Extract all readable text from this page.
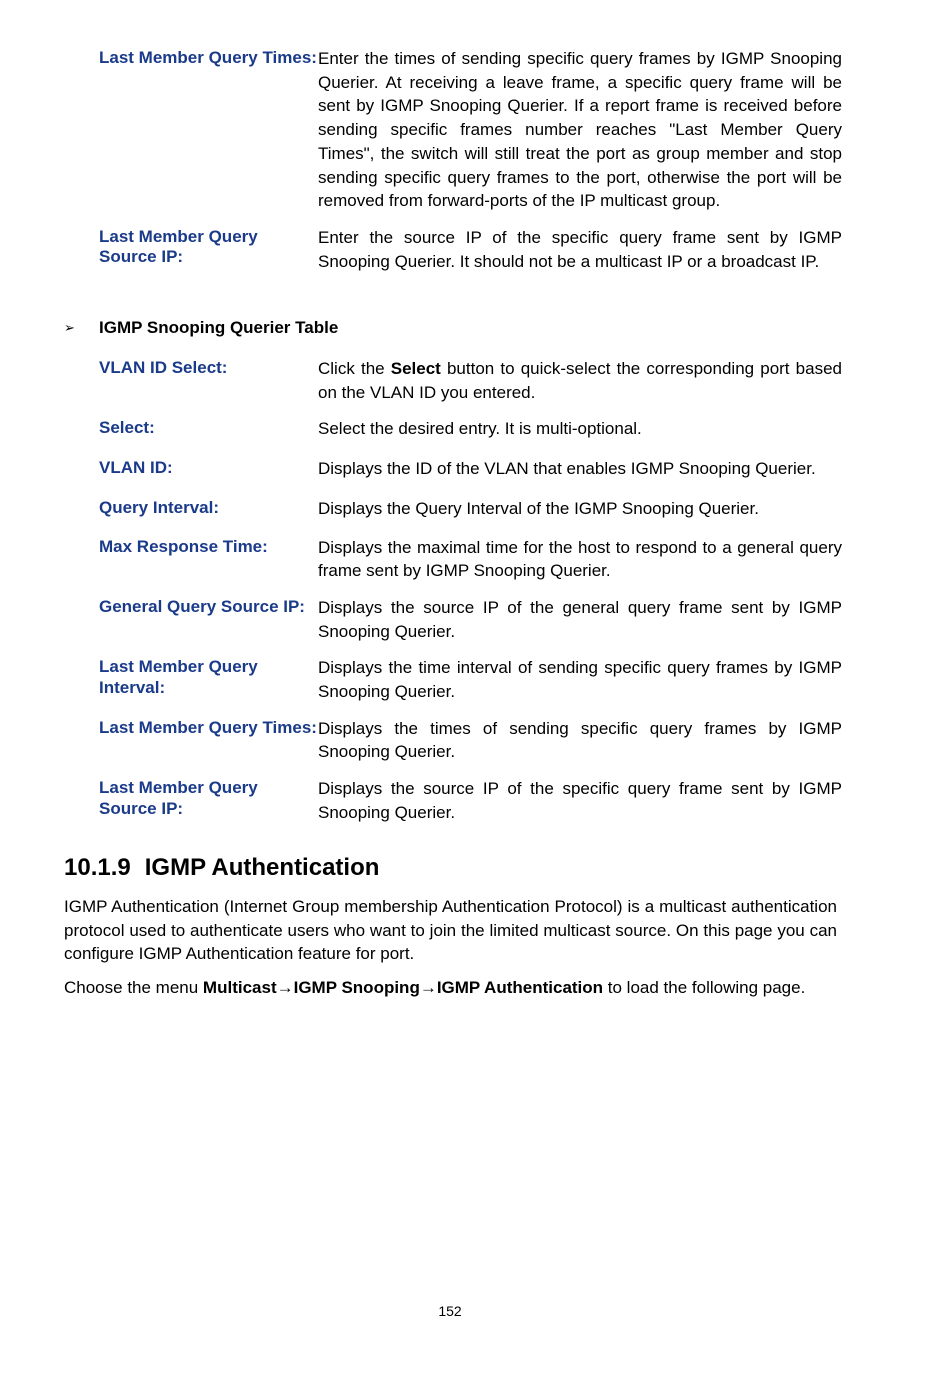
Last Member Query Times: Enter the times of sending specific query frames by IGMP Snooping Querier. At receiving a leave frame, a specific query frame will be sent by IGMP Snooping Querier. If a report frame is received before sending specific frames number reaches "Last Member Query Times", the switch will still treat the port as group member and stop sending specific query frames to the port, otherwise the port will be removed from forward-ports of the IP multicast group.
Last Member Query Source IP:
Enter the source IP of the specific query frame sent by IGMP Snooping Querier. It should not be a multicast IP or a broadcast IP.
➢ IGMP Snooping Querier Table
VLAN ID Select:	Click the Select button to quick-select the corresponding port based on the VLAN ID you entered.
Select:	Select the desired entry. It is multi-optional.
VLAN ID:	Displays the ID of the VLAN that enables IGMP Snooping Querier.
Query Interval:	Displays the Query Interval of the IGMP Snooping Querier.
Max Response Time:	Displays the maximal time for the host to respond to a general query frame sent by IGMP Snooping Querier.
General Query Source IP: Displays the source IP of the general query frame sent by IGMP Snooping Querier.
Last Member Query Interval:
Displays the time interval of sending specific query frames by IGMP Snooping Querier.
Last Member Query Times: Displays the times of sending specific query frames by IGMP Snooping Querier.
Last Member Query Source IP:
Displays the source IP of the specific query frame sent by IGMP Snooping Querier.
10.1.9 IGMP Authentication

IGMP Authentication (Internet Group membership Authentication Protocol) is a multicast authentication protocol used to authenticate users who want to join the limited multicast source. On this page you can configure IGMP Authentication feature for port.

Choose the menu Multicast→IGMP Snooping→IGMP Authentication to load the following page.

152
